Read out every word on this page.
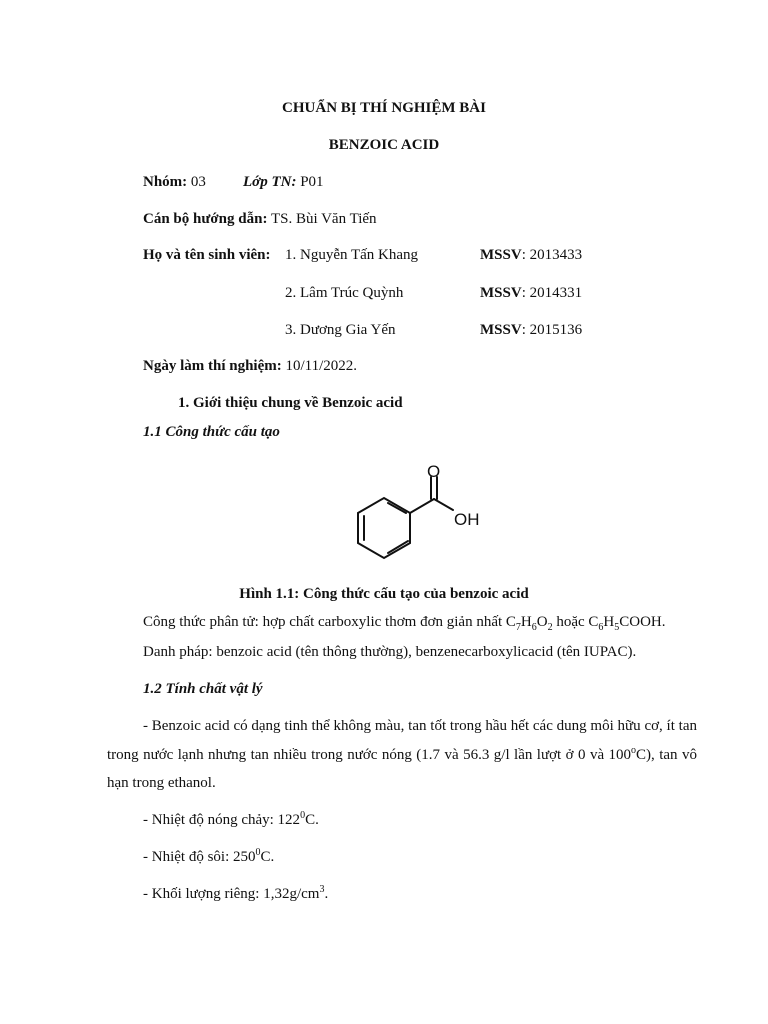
CHUẨN BỊ THÍ NGHIỆM BÀI
BENZOIC ACID
Nhóm: 03 Lớp TN: P01
Cán bộ hướng dẫn: TS. Bùi Văn Tiến
Họ và tên sinh viên: 1. Nguyễn Tấn Khang	MSSV: 2013433
2. Lâm Trúc Quỳnh	MSSV: 2014331
3. Dương Gia Yến	MSSV: 2015136
Ngày làm thí nghiệm: 10/11/2022.
1. Giới thiệu chung về Benzoic acid
1.1 Công thức cấu tạo
O
OH
Hình 1.1: Công thức cấu tạo của benzoic acid
Công thức phân tử: hợp chất carboxylic thơm đơn giản nhất $C_7H_6O_2$ hoặc $C_6H_5COOH$.
Danh pháp: benzoic acid (tên thông thường), benzenecarboxylicacid (tên IUPAC).
1.2 Tính chất vật lý
- Benzoic acid có dạng tinh thể không màu, tan tốt trong hầu hết các dung môi hữu cơ, ít tan trong nước lạnh nhưng tan nhiều trong nước nóng (1.7 và 56.3 g/l lần lượt ở 0 và 100$^o$C), tan vô hạn trong ethanol.
- Nhiệt độ nóng chảy: $122^0C$.
- Nhiệt độ sôi: $250^0C$.
- Khối lượng riêng: $1,32g/cm^3$.
